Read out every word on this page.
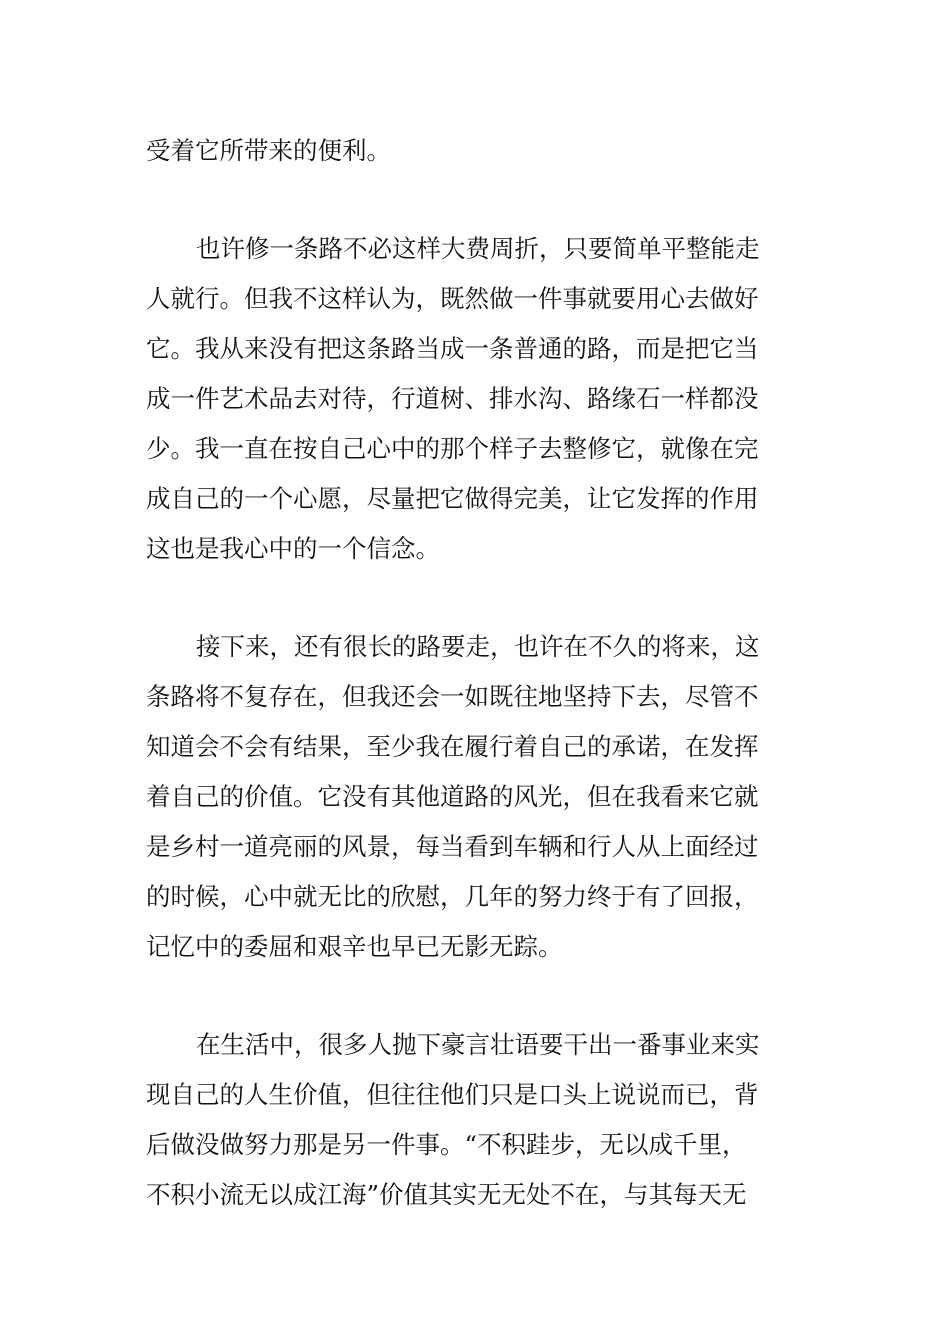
受着它所带来的便利。
也许修一条路不必这样大费周折，只要简单平整能走
人就行。但我不这样认为，既然做一件事就要用心去做好
它。我从来没有把这条路当成一条普通的路，而是把它当
成一件艺术品去对待，行道树、排水沟、路缘石一样都没
少。我一直在按自己心中的那个样子去整修它，就像在完
成自己的一个心愿，尽量把它做得完美，让它发挥的作用
这也是我心中的一个信念。
接下来，还有很长的路要走，也许在不久的将来，这
条路将不复存在，但我还会一如既往地坚持下去，尽管不
知道会不会有结果，至少我在履行着自己的承诺，在发挥
着自己的价值。它没有其他道路的风光，但在我看来它就
是乡村一道亮丽的风景，每当看到车辆和行人从上面经过
的时候，心中就无比的欣慰，几年的努力终于有了回报，
记忆中的委屈和艰辛也早已无影无踪。
在生活中，很多人抛下豪言壮语要干出一番事业来实
现自己的人生价值，但往往他们只是口头上说说而已，背
后做没做努力那是另一件事。“不积跬步，无以成千里，
不积小流无以成江海”价值其实无无处不在，与其每天无
